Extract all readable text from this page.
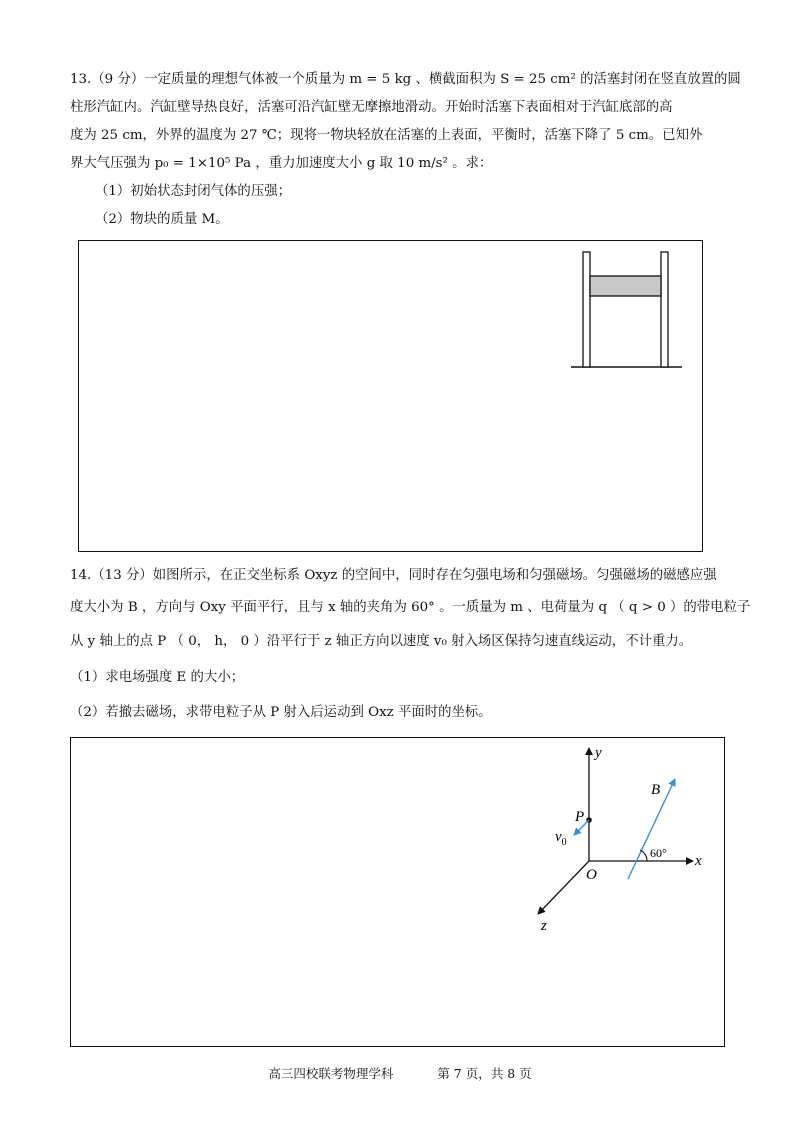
13.（9 分）一定质量的理想气体被一个质量为 m = 5 kg 、横截面积为 S = 25 cm² 的活塞封闭在竖直放置的圆
柱形汽缸内。汽缸壁导热良好，活塞可沿汽缸壁无摩擦地滑动。开始时活塞下表面相对于汽缸底部的高
度为 25 cm，外界的温度为 27 ℃；现将一物块轻放在活塞的上表面，平衡时，活塞下降了 5 cm。已知外
界大气压强为 p₀ = 1×10⁵ Pa ，重力加速度大小 g 取 10 m/s² 。求：
（1）初始状态封闭气体的压强；
（2）物块的质量 M。
14.（13 分）如图所示，在正交坐标系 Oxyz 的空间中，同时存在匀强电场和匀强磁场。匀强磁场的磁感应强
度大小为 B ，方向与 Oxy 平面平行，且与 x 轴的夹角为 60° 。一质量为 m 、电荷量为 q （ q > 0 ）的带电粒子
从 y 轴上的点 P （ 0， h， 0 ）沿平行于 z 轴正方向以速度 v₀ 射入场区保持匀速直线运动，不计重力。
（1）求电场强度 E 的大小；
（2）若撤去磁场，求带电粒子从 P 射入后运动到 Oxz 平面时的坐标。
y
x
z
O
P
$v_0$
B
60°
高三四校联考物理学科	第 7 页，共 8 页
